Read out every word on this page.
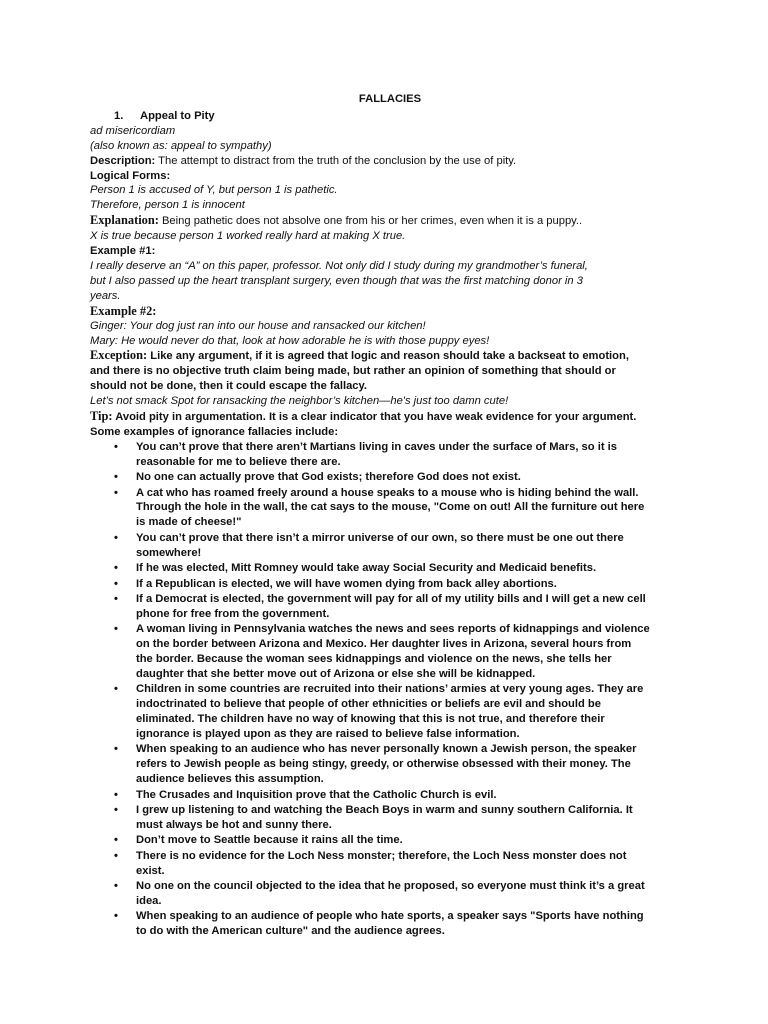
FALLACIES

1. Appeal to Pity

ad misericordiam

(also known as: appeal to sympathy)

Description: The attempt to distract from the truth of the conclusion by the use of pity.

Logical Forms:

Person 1 is accused of Y, but person 1 is pathetic.

Therefore, person 1 is innocent

Explanation: Being pathetic does not absolve one from his or her crimes, even when it is a puppy..

X is true because person 1 worked really hard at making X true.

Example #1:

I really deserve an “A” on this paper, professor. Not only did I study during my grandmother’s funeral,

but I also passed up the heart transplant surgery, even though that was the first matching donor in 3

years.

Example #2:

Ginger: Your dog just ran into our house and ransacked our kitchen!

Mary: He would never do that, look at how adorable he is with those puppy eyes!

Exception: Like any argument, if it is agreed that logic and reason should take a backseat to emotion,

and there is no objective truth claim being made, but rather an opinion of something that should or

should not be done, then it could escape the fallacy.

Let’s not smack Spot for ransacking the neighbor’s kitchen—he's just too damn cute!

Tip: Avoid pity in argumentation. It is a clear indicator that you have weak evidence for your argument.

Some examples of ignorance fallacies include:

• You can’t prove that there aren’t Martians living in caves under the surface of Mars, so it is
reasonable for me to believe there are.
• No one can actually prove that God exists; therefore God does not exist.
• A cat who has roamed freely around a house speaks to a mouse who is hiding behind the wall.
Through the hole in the wall, the cat says to the mouse, "Come on out! All the furniture out here
is made of cheese!"
• You can’t prove that there isn’t a mirror universe of our own, so there must be one out there
somewhere!
• If he was elected, Mitt Romney would take away Social Security and Medicaid benefits.
• If a Republican is elected, we will have women dying from back alley abortions.
• If a Democrat is elected, the government will pay for all of my utility bills and I will get a new cell
phone for free from the government.
• A woman living in Pennsylvania watches the news and sees reports of kidnappings and violence
on the border between Arizona and Mexico. Her daughter lives in Arizona, several hours from
the border. Because the woman sees kidnappings and violence on the news, she tells her
daughter that she better move out of Arizona or else she will be kidnapped.
• Children in some countries are recruited into their nations’ armies at very young ages. They are
indoctrinated to believe that people of other ethnicities or beliefs are evil and should be
eliminated. The children have no way of knowing that this is not true, and therefore their
ignorance is played upon as they are raised to believe false information.
• When speaking to an audience who has never personally known a Jewish person, the speaker
refers to Jewish people as being stingy, greedy, or otherwise obsessed with their money. The
audience believes this assumption.
• The Crusades and Inquisition prove that the Catholic Church is evil.
• I grew up listening to and watching the Beach Boys in warm and sunny southern California. It
must always be hot and sunny there.
• Don’t move to Seattle because it rains all the time.
• There is no evidence for the Loch Ness monster; therefore, the Loch Ness monster does not
exist.
• No one on the council objected to the idea that he proposed, so everyone must think it’s a great
idea.
• When speaking to an audience of people who hate sports, a speaker says "Sports have nothing
to do with the American culture" and the audience agrees.
